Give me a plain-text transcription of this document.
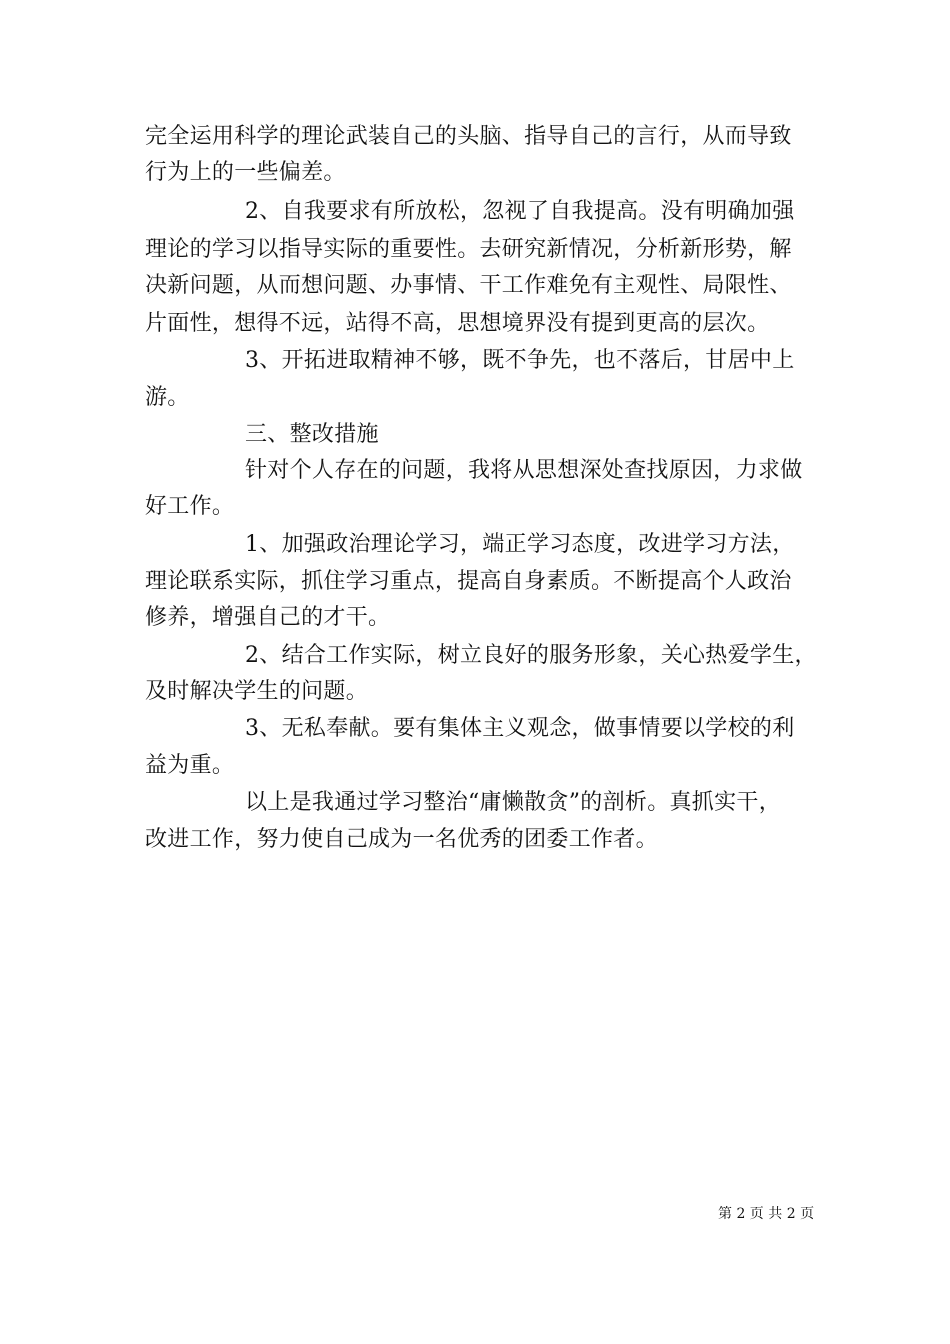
完全运用科学的理论武装自己的头脑、指导自己的言行，从而导致
行为上的一些偏差。
2、自我要求有所放松，忽视了自我提高。没有明确加强
理论的学习以指导实际的重要性。去研究新情况，分析新形势，解
决新问题，从而想问题、办事情、干工作难免有主观性、局限性、
片面性，想得不远，站得不高，思想境界没有提到更高的层次。
3、开拓进取精神不够，既不争先，也不落后，甘居中上
游。
三、整改措施
针对个人存在的问题，我将从思想深处查找原因，力求做
好工作。
1、加强政治理论学习，端正学习态度，改进学习方法，
理论联系实际，抓住学习重点，提高自身素质。不断提高个人政治
修养，增强自己的才干。
2、结合工作实际，树立良好的服务形象，关心热爱学生，
及时解决学生的问题。
3、无私奉献。要有集体主义观念，做事情要以学校的利
益为重。
以上是我通过学习整治“庸懒散贪”的剖析。真抓实干，
改进工作，努力使自己成为一名优秀的团委工作者。
第 2 页 共 2 页
